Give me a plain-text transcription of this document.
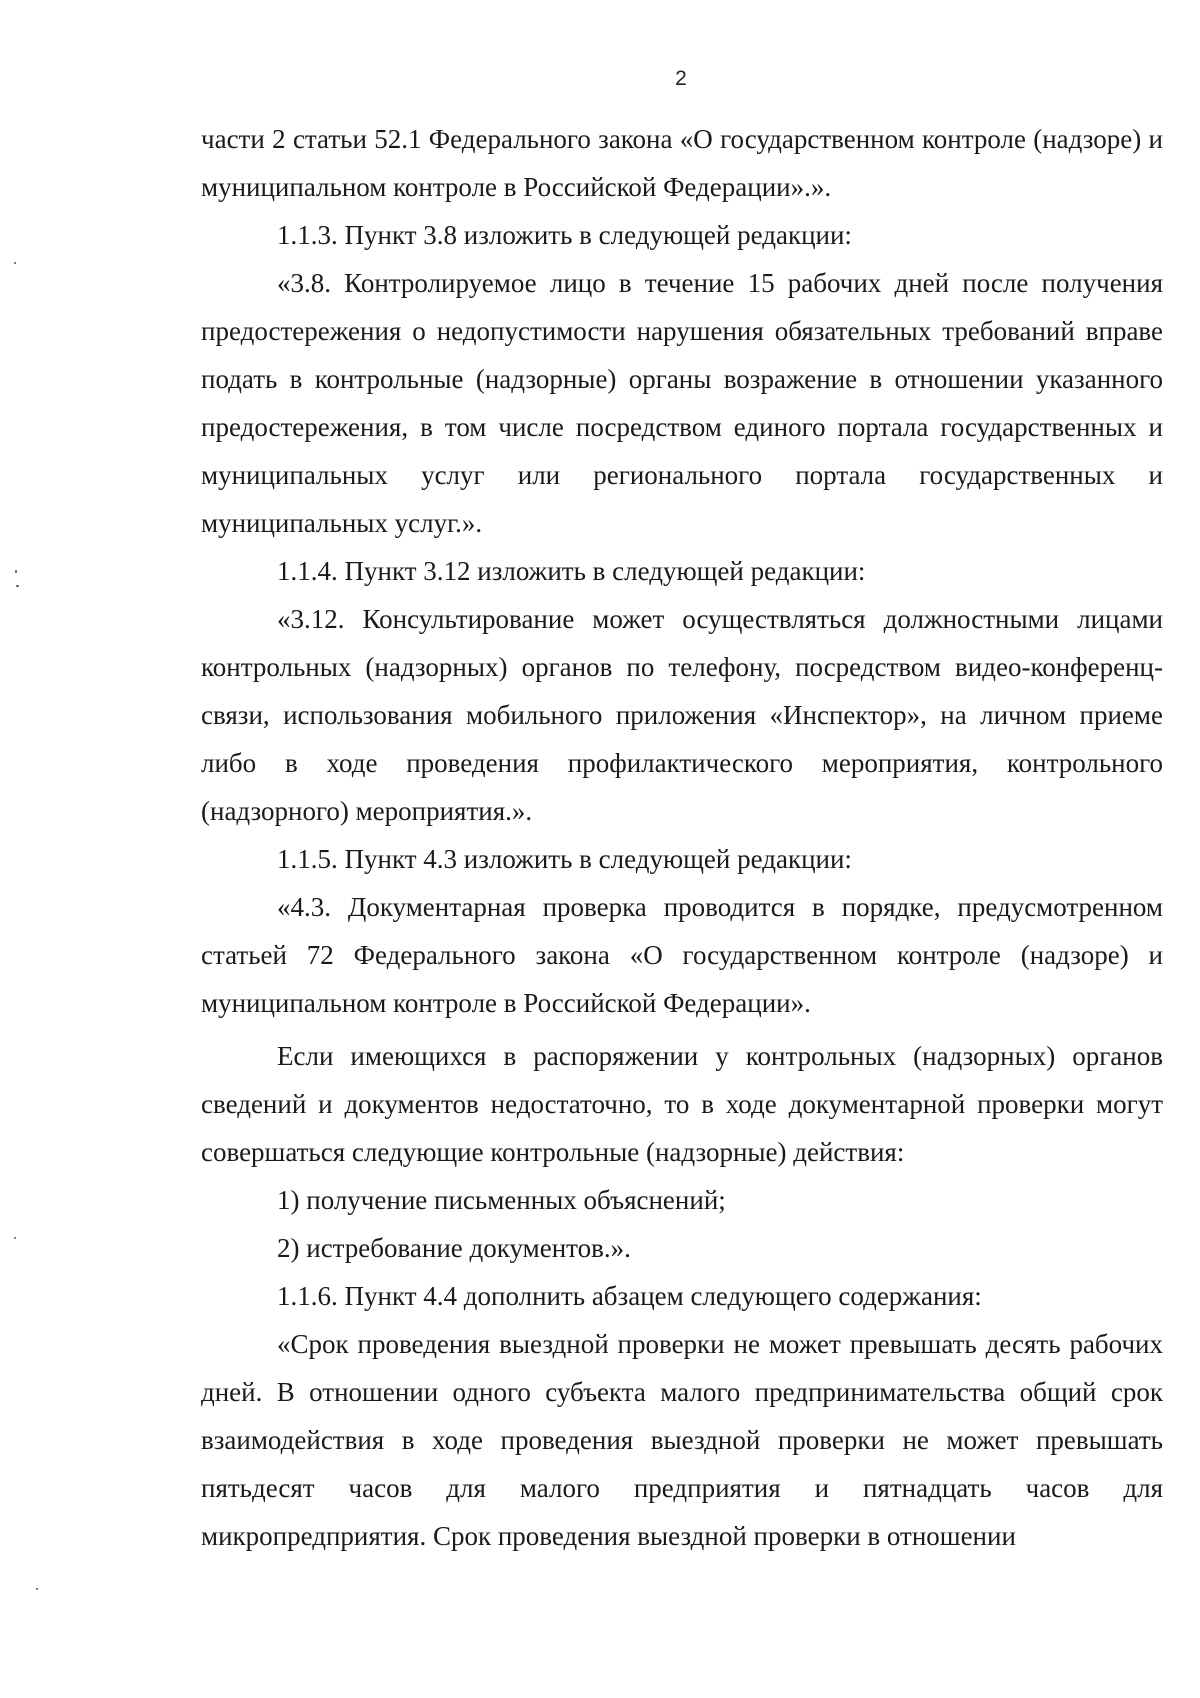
2

части 2 статьи 52.1 Федерального закона «О государственном контроле (надзоре) и муниципальном контроле в Российской Федерации».».

1.1.3. Пункт 3.8 изложить в следующей редакции:

«3.8. Контролируемое лицо в течение 15 рабочих дней после получения предостережения о недопустимости нарушения обязательных требований вправе подать в контрольные (надзорные) органы возражение в отношении указанного предостережения, в том числе посредством единого портала государственных и муниципальных услуг или регионального портала государственных и муниципальных услуг.».

1.1.4. Пункт 3.12 изложить в следующей редакции:

«3.12. Консультирование может осуществляться должностными лицами контрольных (надзорных) органов по телефону, посредством видео-конференц-связи, использования мобильного приложения «Инспектор», на личном приеме либо в ходе проведения профилактического мероприятия, контрольного (надзорного) мероприятия.».

1.1.5. Пункт 4.3 изложить в следующей редакции:

«4.3. Документарная проверка проводится в порядке, предусмотренном статьей 72 Федерального закона «О государственном контроле (надзоре) и муниципальном контроле в Российской Федерации».

Если имеющихся в распоряжении у контрольных (надзорных) органов сведений и документов недостаточно, то в ходе документарной проверки могут совершаться следующие контрольные (надзорные) действия:

1) получение письменных объяснений;

2) истребование документов.».

1.1.6. Пункт 4.4 дополнить абзацем следующего содержания:

«Срок проведения выездной проверки не может превышать десять рабочих дней. В отношении одного субъекта малого предпринимательства общий срок взаимодействия в ходе проведения выездной проверки не может превышать пятьдесят часов для малого предприятия и пятнадцать часов для микропредприятия. Срок проведения выездной проверки в отношении
